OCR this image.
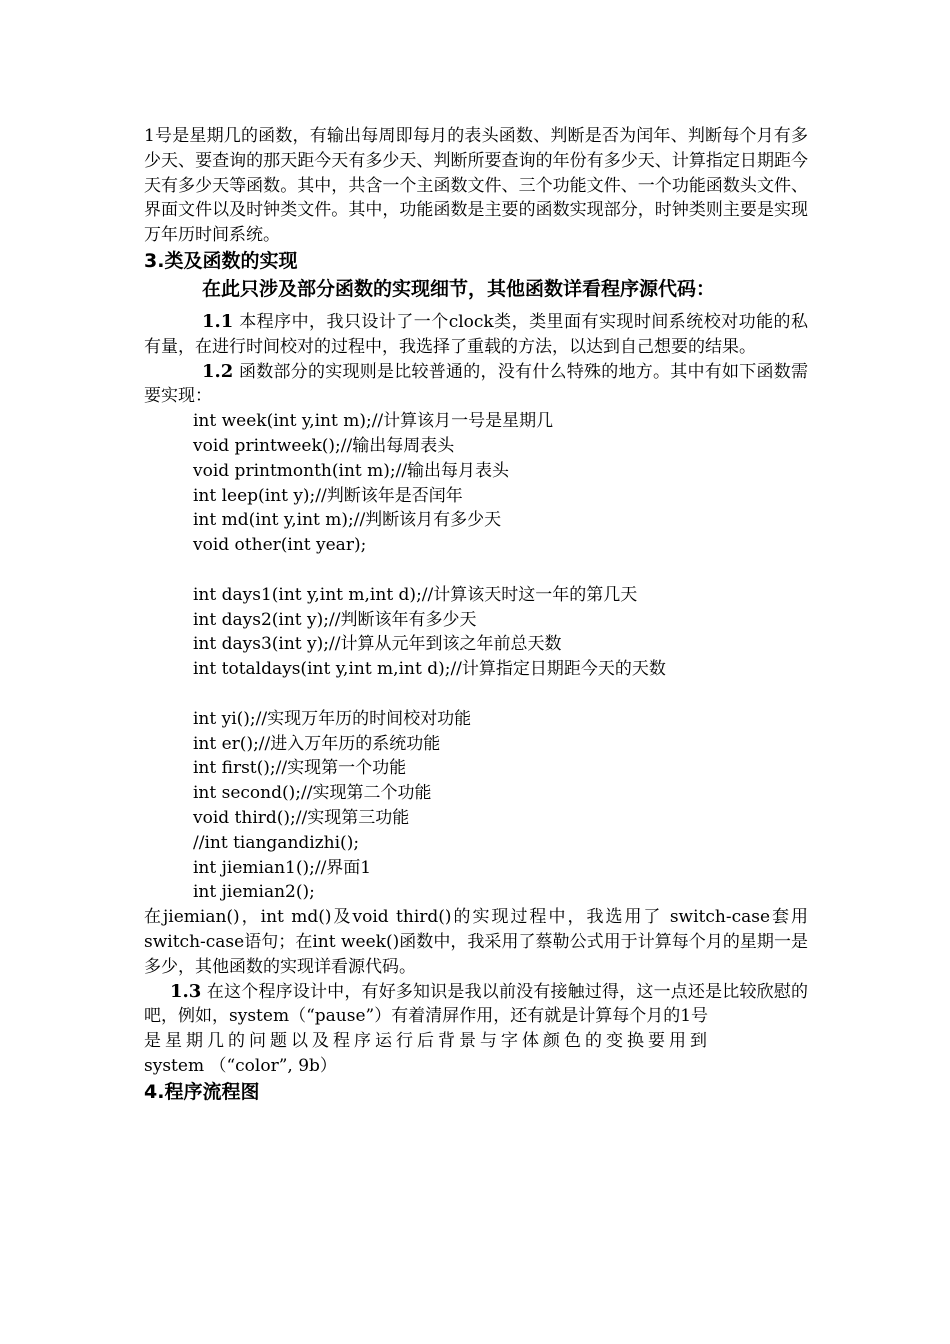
1号是星期几的函数，有输出每周即每月的表头函数、判断是否为闰年、判断每个月有多少天、要查询的那天距今天有多少天、判断所要查询的年份有多少天、计算指定日期距今天有多少天等函数。其中，共含一个主函数文件、三个功能文件、一个功能函数头文件、界面文件以及时钟类文件。其中，功能函数是主要的函数实现部分，时钟类则主要是实现万年历时间系统。

3.类及函数的实现
在此只涉及部分函数的实现细节，其他函数详看程序源代码：

1.1 本程序中，我只设计了一个clock类，类里面有实现时间系统校对功能的私有量，在进行时间校对的过程中，我选择了重载的方法，以达到自己想要的结果。

1.2 函数部分的实现则是比较普通的，没有什么特殊的地方。其中有如下函数需要实现：

int week(int y,int m);//计算该月一号是星期几
void printweek();//输出每周表头
void printmonth(int m);//输出每月表头
int leep(int y);//判断该年是否闰年
int md(int y,int m);//判断该月有多少天
void other(int year);
int days1(int y,int m,int d);//计算该天时这一年的第几天
int days2(int y);//判断该年有多少天
int days3(int y);//计算从元年到该之年前总天数
int totaldays(int y,int m,int d);//计算指定日期距今天的天数
int yi();//实现万年历的时间校对功能
int er();//进入万年历的系统功能
int first();//实现第一个功能
int second();//实现第二个功能
void third();//实现第三功能
//int tiangandizhi();
int jiemian1();//界面1
int jiemian2();

在jiemian()，int md()及void third()的实现过程中，我选用了 switch-case套用switch-case语句；在int week()函数中，我采用了蔡勒公式用于计算每个月的星期一是多少，其他函数的实现详看源代码。

1.3 在这个程序设计中，有好多知识是我以前没有接触过得，这一点还是比较欣慰的吧，例如，system（“pause”）有着清屏作用，还有就是计算每个月的1号

是星期几的问题以及程序运行后背景与字体颜色的变换要用到

system （“color”, 9b）

4.程序流程图
